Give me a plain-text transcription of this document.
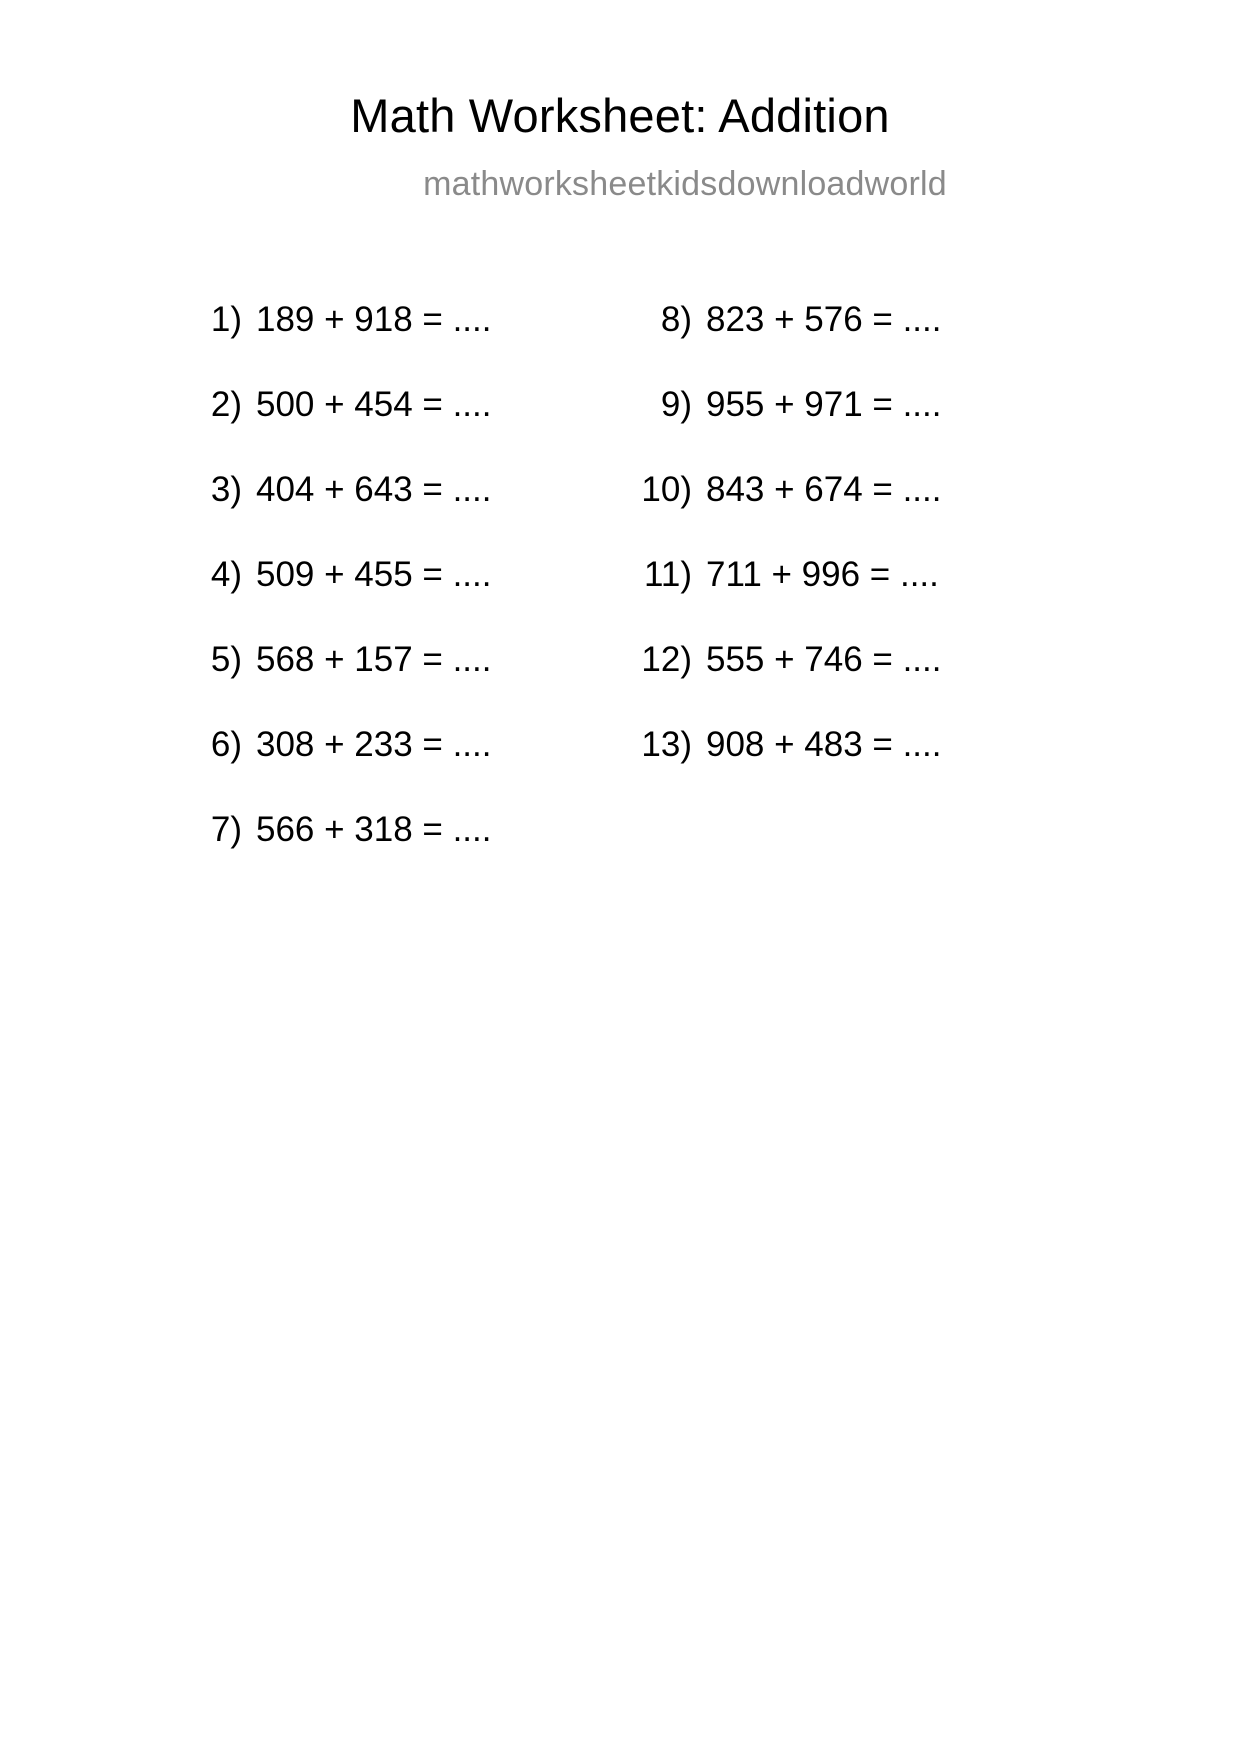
Math Worksheet: Addition
mathworksheetkidsdownloadworld
1) 189 + 918 = ....
2) 500 + 454 = ....
3) 404 + 643 = ....
4) 509 + 455 = ....
5) 568 + 157 = ....
6) 308 + 233 = ....
7) 566 + 318 = ....
8) 823 + 576 = ....
9) 955 + 971 = ....
10) 843 + 674 = ....
11) 711 + 996 = ....
12) 555 + 746 = ....
13) 908 + 483 = ....
